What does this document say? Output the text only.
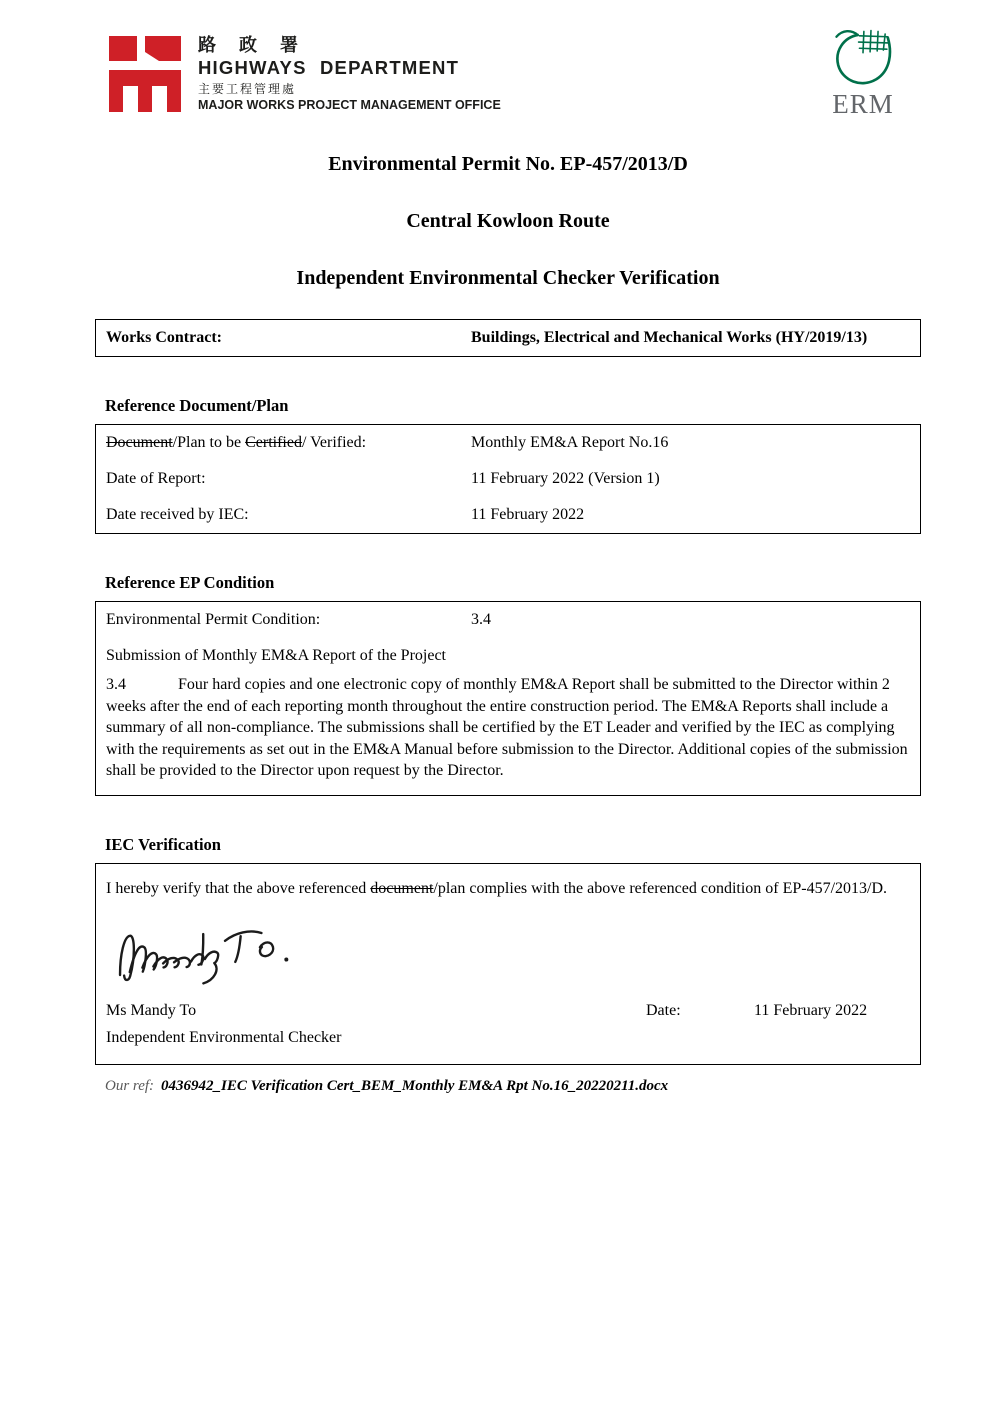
路 政 署
HIGHWAYS DEPARTMENT
主要工程管理處
MAJOR WORKS PROJECT MANAGEMENT OFFICE	ERM
Environmental Permit No. EP-457/2013/D
Central Kowloon Route
Independent Environmental Checker Verification
Works Contract:	Buildings, Electrical and Mechanical Works (HY/2019/13)
Reference Document/Plan
Document/Plan to be Certified/ Verified:	Monthly EM&A Report No.16
Date of Report:	11 February 2022 (Version 1)
Date received by IEC:	11 February 2022
Reference EP Condition
Environmental Permit Condition:	3.4
Submission of Monthly EM&A Report of the Project
3.4	Four hard copies and one electronic copy of monthly EM&A Report shall be submitted to the Director within 2 weeks after the end of each reporting month throughout the entire construction period. The EM&A Reports shall include a summary of all non-compliance. The submissions shall be certified by the ET Leader and verified by the IEC as complying with the requirements as set out in the EM&A Manual before submission to the Director. Additional copies of the submission shall be provided to the Director upon request by the Director.
IEC Verification
I hereby verify that the above referenced document/plan complies with the above referenced condition of EP-457/2013/D.
Ms Mandy To	Date:	11 February 2022
Independent Environmental Checker
Our ref: 0436942_IEC Verification Cert_BEM_Monthly EM&A Rpt No.16_20220211.docx
